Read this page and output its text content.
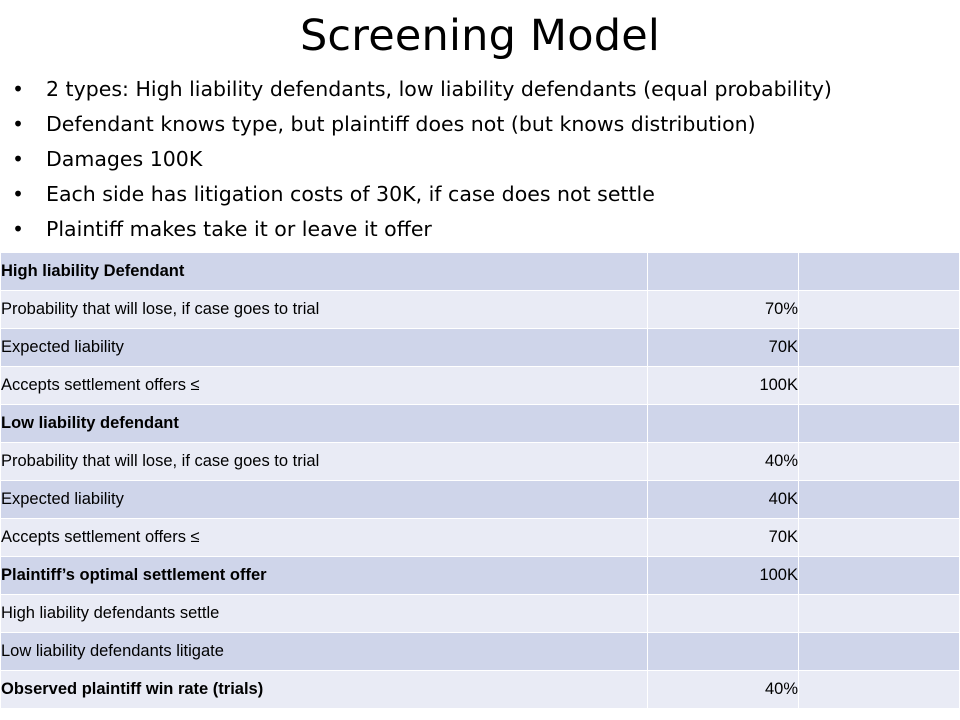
Screening Model
• 2 types: High liability defendants, low liability defendants (equal probability)
• Defendant knows type, but plaintiff does not (but knows distribution)
• Damages 100K
• Each side has litigation costs of 30K, if case does not settle
• Plaintiff makes take it or leave it offer
High liability Defendant		
Probability that will lose, if case goes to trial	70%	
Expected liability	70K	
Accepts settlement offers ≤	100K	
Low liability defendant		
Probability that will lose, if case goes to trial	40%	
Expected liability	40K	
Accepts settlement offers ≤	70K	
Plaintiff’s optimal settlement offer	100K	
High liability defendants settle		
Low liability defendants litigate		
Observed plaintiff win rate (trials)	40%	
